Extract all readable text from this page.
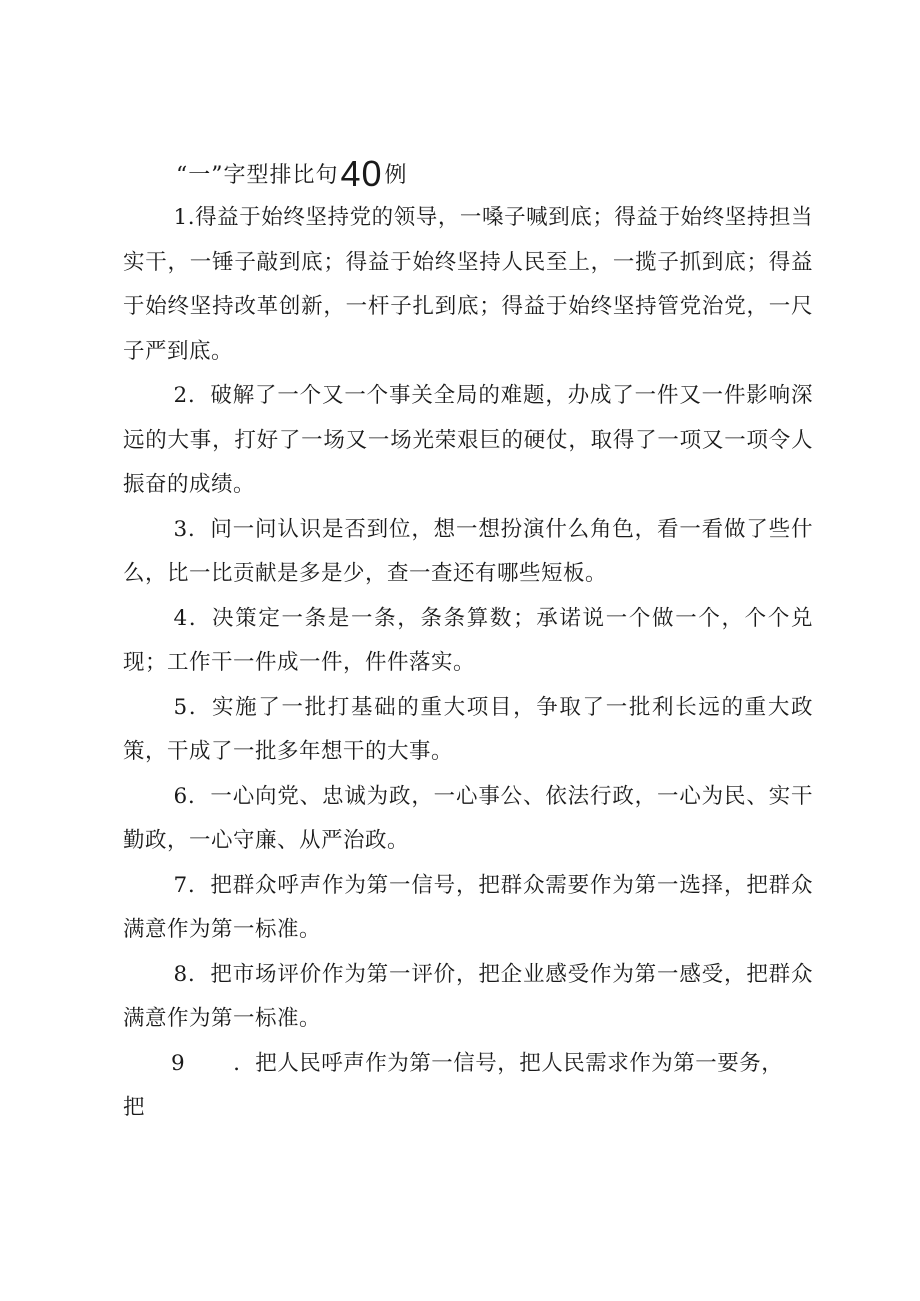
“一”字型排比句40例

1.得益于始终坚持党的领导，一嗓子喊到底；得益于始终坚持担当实干，一锤子敲到底；得益于始终坚持人民至上，一揽子抓到底；得益于始终坚持改革创新，一杆子扎到底；得益于始终坚持管党治党，一尺子严到底。

2．破解了一个又一个事关全局的难题，办成了一件又一件影响深远的大事，打好了一场又一场光荣艰巨的硬仗，取得了一项又一项令人振奋的成绩。

3．问一问认识是否到位，想一想扮演什么角色，看一看做了些什么，比一比贡献是多是少，查一查还有哪些短板。

4．决策定一条是一条，条条算数；承诺说一个做一个，个个兑现；工作干一件成一件，件件落实。

5．实施了一批打基础的重大项目，争取了一批利长远的重大政策，干成了一批多年想干的大事。

6．一心向党、忠诚为政，一心事公、依法行政，一心为民、实干勤政，一心守廉、从严治政。

7．把群众呼声作为第一信号，把群众需要作为第一选择，把群众满意作为第一标准。

8．把市场评价作为第一评价，把企业感受作为第一感受，把群众满意作为第一标准。

9 ．把人民呼声作为第一信号，把人民需求作为第一要务，

把
